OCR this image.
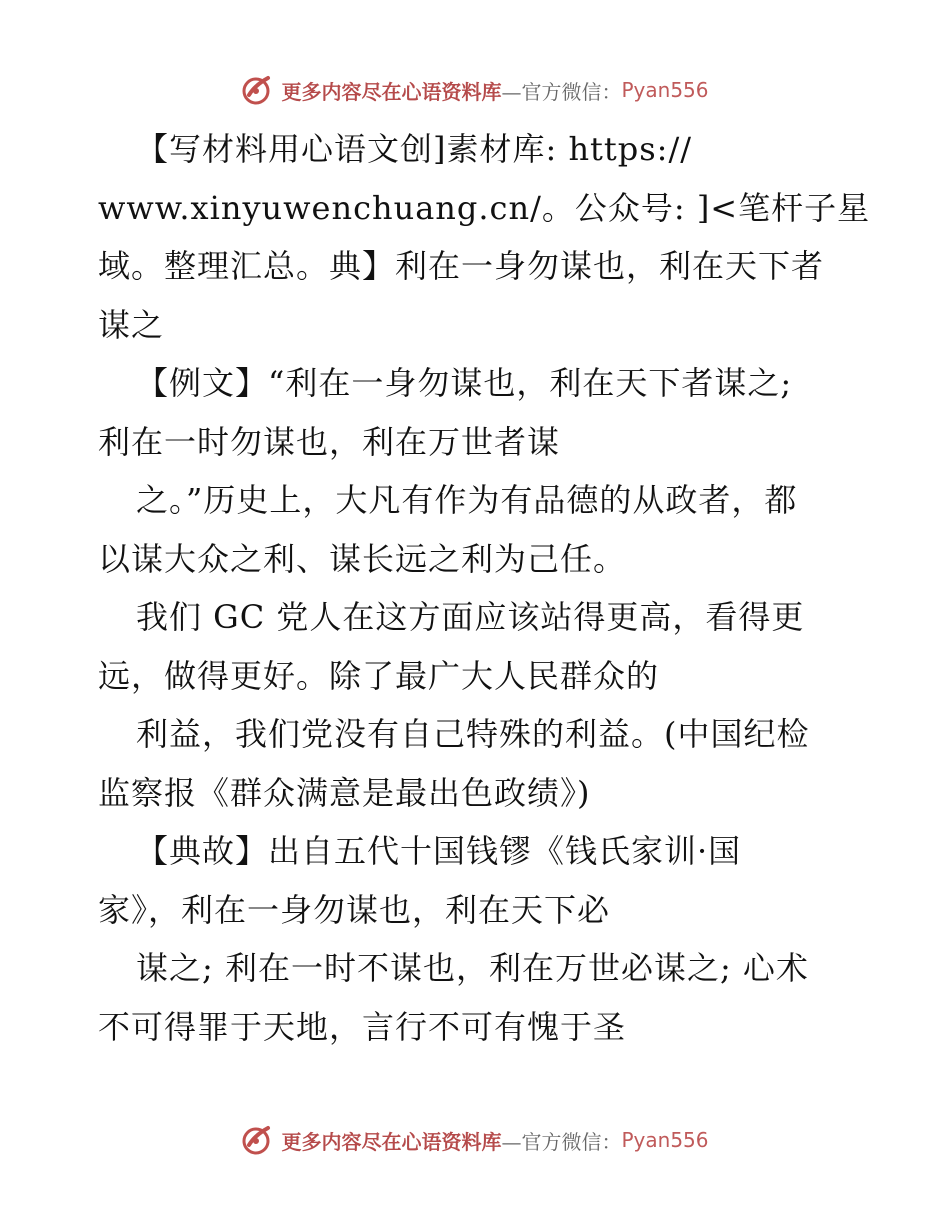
更多内容尽在心语资料库 —官方微信： Pyan556
【写材料用心语文创]素材库: https://
www.xinyuwenchuang.cn/。公众号: ]<笔杆子星
域。整理汇总。典】利在一身勿谋也，利在天下者
谋之
【例文】“利在一身勿谋也，利在天下者谋之;
利在一时勿谋也，利在万世者谋
之。”历史上，大凡有作为有品德的从政者，都
以谋大众之利、谋长远之利为己任。
我们 GC 党人在这方面应该站得更高，看得更
远，做得更好。除了最广大人民群众的
利益，我们党没有自己特殊的利益。(中国纪检
监察报《群众满意是最出色政绩》)
【典故】出自五代十国钱镠《钱氏家训·国
家》，利在一身勿谋也，利在天下必
谋之; 利在一时不谋也，利在万世必谋之; 心术
不可得罪于天地，言行不可有愧于圣
更多内容尽在心语资料库 —官方微信： Pyan556
